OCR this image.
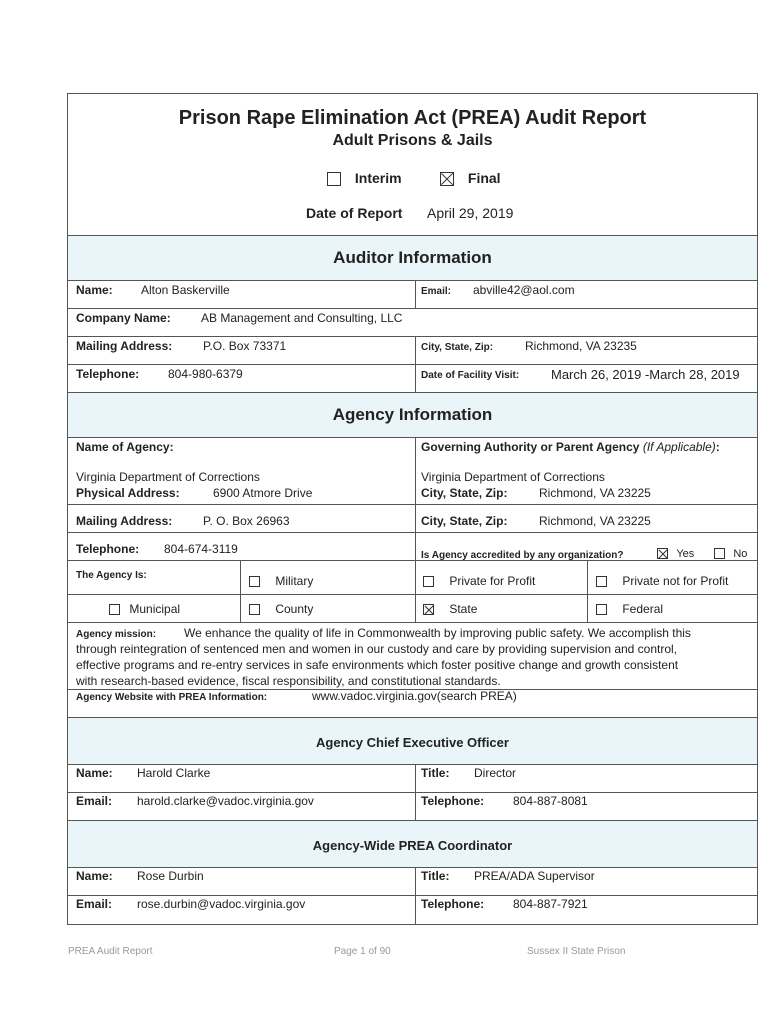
Prison Rape Elimination Act (PREA) Audit Report
Adult Prisons & Jails
Interim	Final
Date of Report April 29, 2019
Auditor Information
Name: Alton Baskerville	Email: abville42@aol.com
Company Name:	AB Management and Consulting, LLC
Mailing Address:	P.O. Box 73371	City, State, Zip:	Richmond, VA 23235
Telephone: 804-980-6379	Date of Facility Visit: March 26, 2019 -March 28, 2019
Agency Information
Name of Agency:
Virginia Department of Corrections
Governing Authority or Parent Agency (If Applicable):
Virginia Department of Corrections
Physical Address:	6900 Atmore Drive	City, State, Zip:	Richmond, VA 23225
Mailing Address:	P. O. Box 26963	City, State, Zip:	Richmond, VA 23225
Telephone: 804-674-3119	Is Agency accredited by any organization?	Yes	No
The Agency Is:	Military	Private for Profit	Private not for Profit
Municipal	County	State	Federal
Agency mission: We enhance the quality of life in Commonwealth by improving public safety. We accomplish this
through reintegration of sentenced men and women in our custody and care by providing supervision and control,
effective programs and re-entry services in safe environments which foster positive change and growth consistent
with research-based evidence, fiscal responsibility, and constitutional standards.
Agency Website with PREA Information:	www.vadoc.virginia.gov(search PREA)
Agency Chief Executive Officer
Name: Harold Clarke	Title: Director
Email: harold.clarke@vadoc.virginia.gov	Telephone: 804-887-8081
Agency-Wide PREA Coordinator
Name: Rose Durbin	Title: PREA/ADA Supervisor
Email: rose.durbin@vadoc.virginia.gov	Telephone: 804-887-7921
PREA Audit Report	Page 1 of 90	Sussex II State Prison
